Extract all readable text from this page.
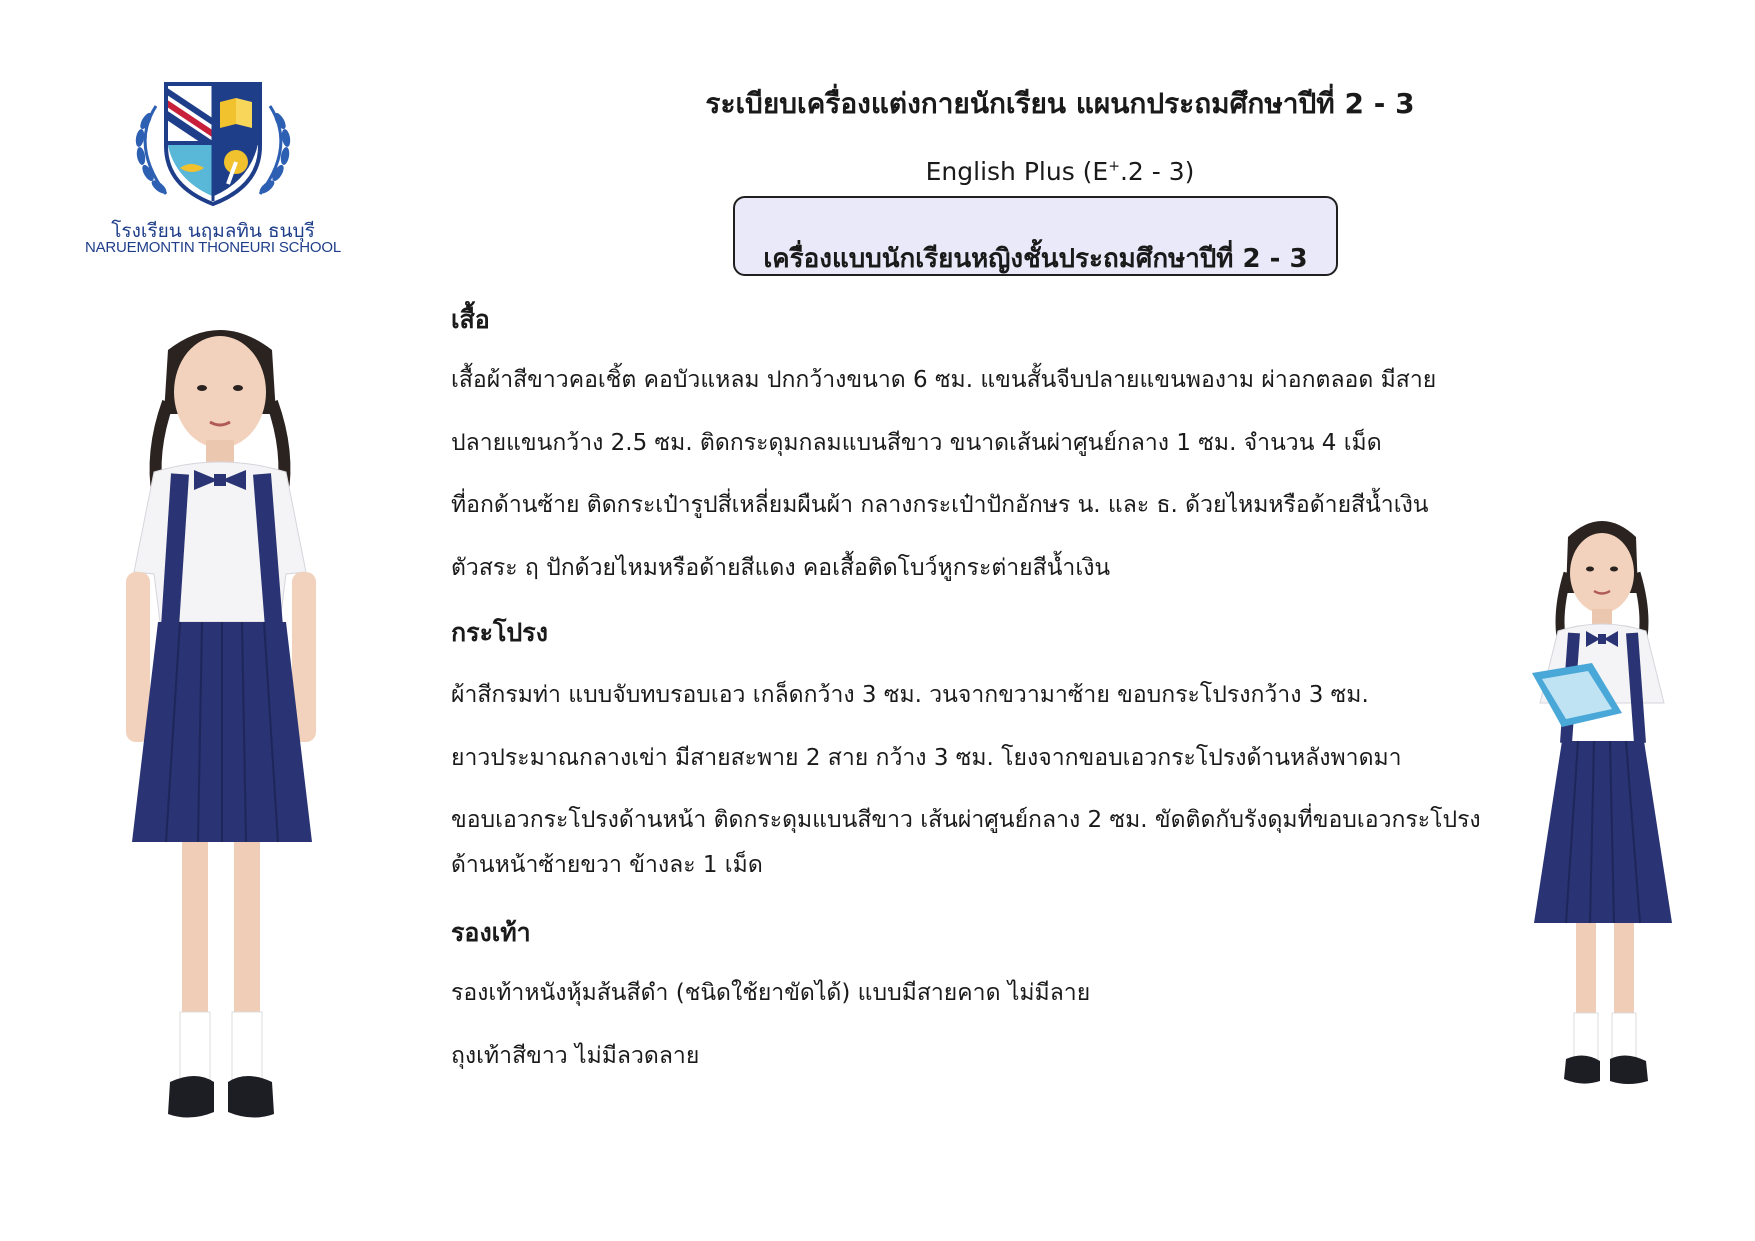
โรงเรียน นฤมลทิน ธนบุรี
NARUEMONTIN THONEURI SCHOOL
ระเบียบเครื่องแต่งกายนักเรียน แผนกประถมศึกษาปีที่ 2 - 3
English Plus (E+.2 - 3)
เครื่องแบบนักเรียนหญิงชั้นประถมศึกษาปีที่ 2 - 3
เสื้อ
เสื้อผ้าสีขาวคอเชิ้ต คอบัวแหลม ปกกว้างขนาด 6 ซม. แขนสั้นจีบปลายแขนพองาม ผ่าอกตลอด มีสาย
ปลายแขนกว้าง 2.5 ซม. ติดกระดุมกลมแบนสีขาว ขนาดเส้นผ่าศูนย์กลาง 1 ซม. จำนวน 4 เม็ด
ที่อกด้านซ้าย ติดกระเป๋ารูปสี่เหลี่ยมผืนผ้า กลางกระเป๋าปักอักษร น. และ ธ. ด้วยไหมหรือด้ายสีน้ำเงิน
ตัวสระ ฤ ปักด้วยไหมหรือด้ายสีแดง คอเสื้อติดโบว์หูกระต่ายสีน้ำเงิน
กระโปรง
ผ้าสีกรมท่า แบบจับทบรอบเอว เกล็ดกว้าง 3 ซม. วนจากขวามาซ้าย ขอบกระโปรงกว้าง 3 ซม.
ยาวประมาณกลางเข่า มีสายสะพาย 2 สาย กว้าง 3 ซม. โยงจากขอบเอวกระโปรงด้านหลังพาดมา
ขอบเอวกระโปรงด้านหน้า ติดกระดุมแบนสีขาว เส้นผ่าศูนย์กลาง 2 ซม. ขัดติดกับรังดุมที่ขอบเอวกระโปรง
ด้านหน้าซ้ายขวา ข้างละ 1 เม็ด
รองเท้า
รองเท้าหนังหุ้มส้นสีดำ (ชนิดใช้ยาขัดได้) แบบมีสายคาด ไม่มีลาย
ถุงเท้าสีขาว ไม่มีลวดลาย
